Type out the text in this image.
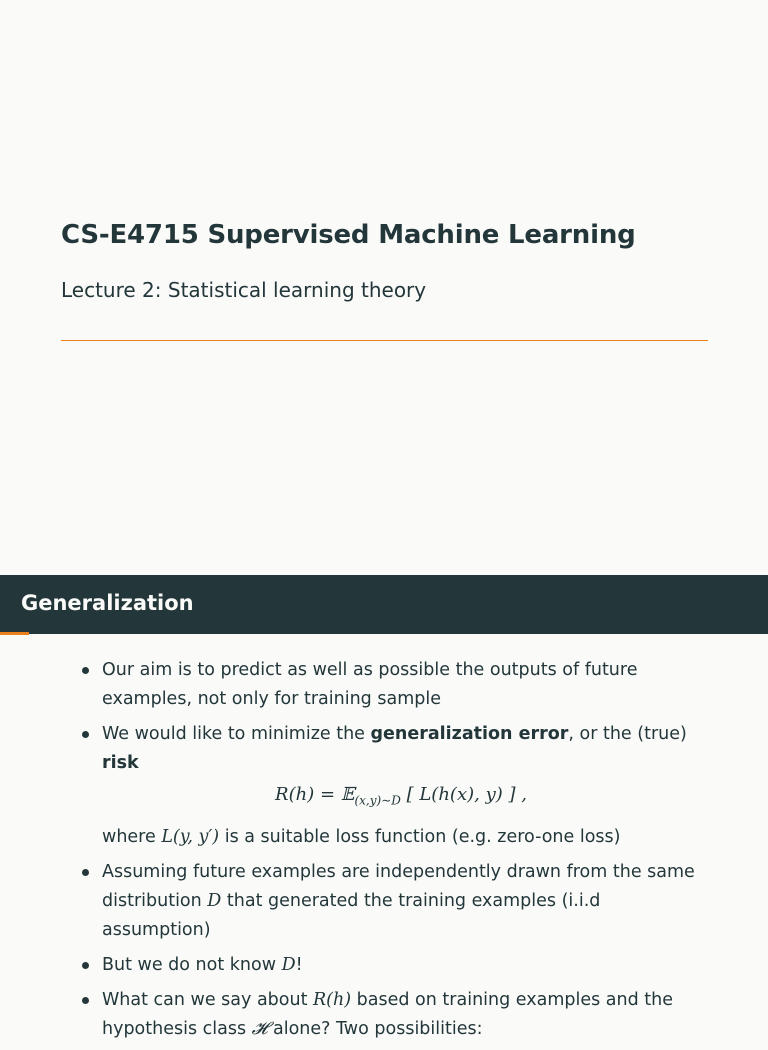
CS-E4715 Supervised Machine Learning
Lecture 2: Statistical learning theory
Generalization
Our aim is to predict as well as possible the outputs of future examples, not only for training sample
We would like to minimize the generalization error, or the (true) risk
R(h) = 𝔼$_{(x,y)\sim D}$ [ L(h(x), y) ] ,
where L(y, y′) is a suitable loss function (e.g. zero-one loss)
Assuming future examples are independently drawn from the same distribution D that generated the training examples (i.i.d assumption)
But we do not know D!
What can we say about R(h) based on training examples and the hypothesis class 𝓗 alone? Two possibilities:
